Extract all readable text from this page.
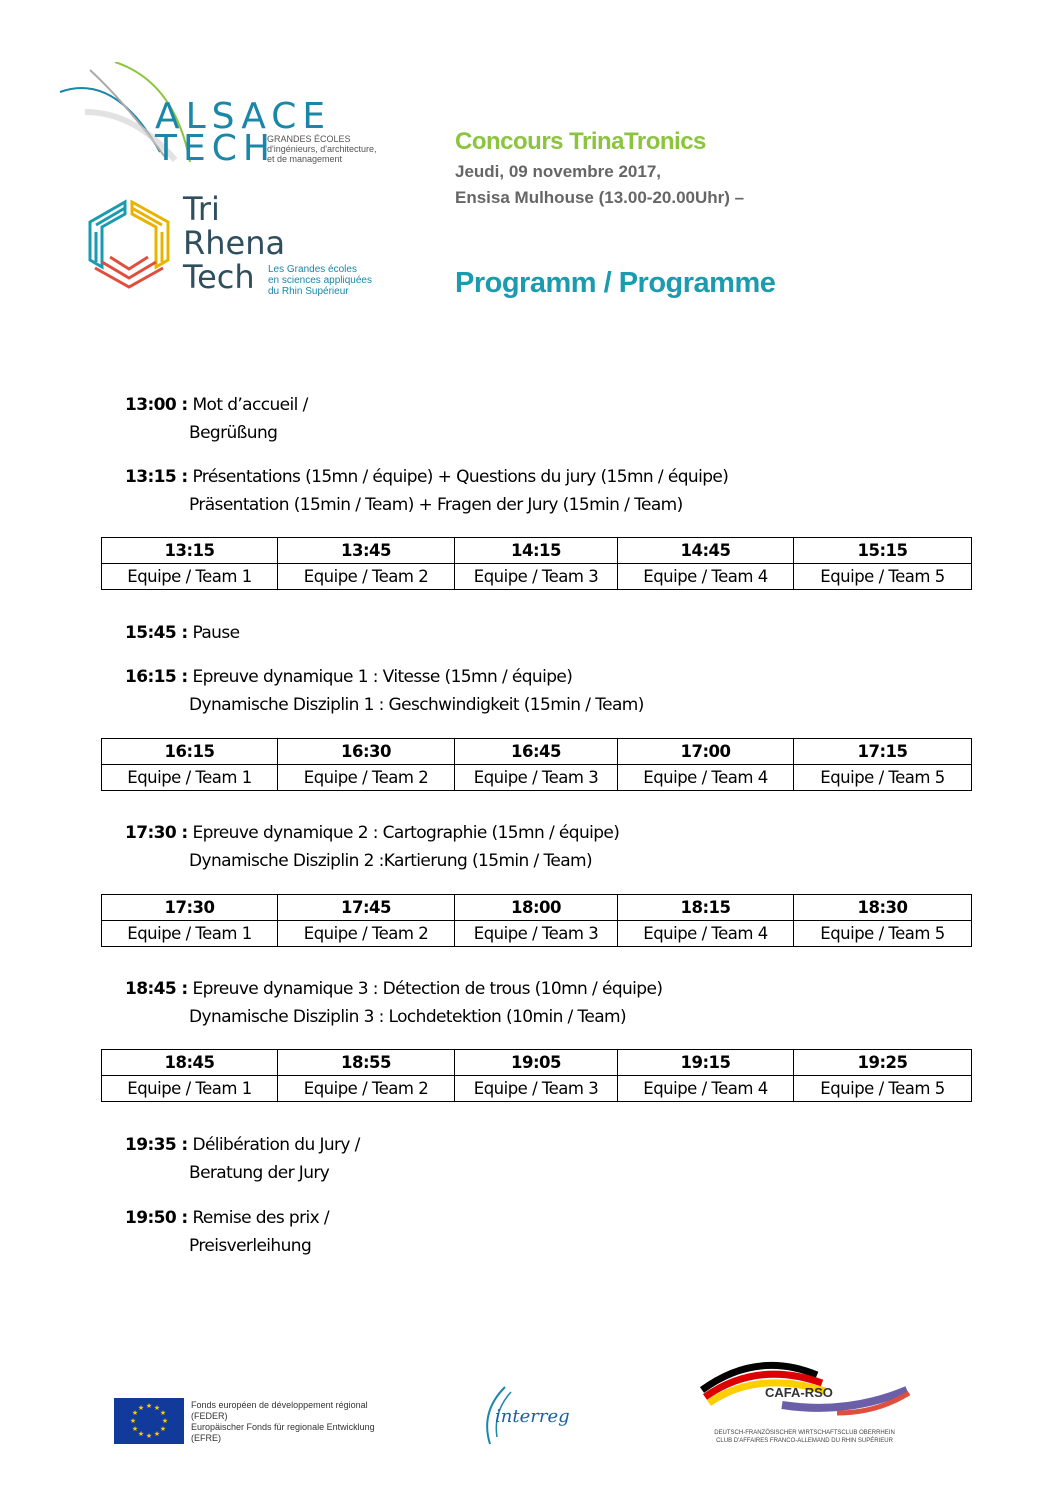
ALSACE
TECH
GRANDES ÉCOLES
d'ingénieurs, d'architecture,
et de management
Tri
Rhena
Tech	Les Grandes écoles
en sciences appliquées
du Rhin Supérieur
Concours TrinaTronics
Jeudi, 09 novembre 2017,
Ensisa Mulhouse (13.00-20.00Uhr) –
Programm / Programme
13:00 : Mot d’accueil /
Begrüßung
13:15 : Présentations (15mn / équipe) + Questions du jury (15mn / équipe)
Präsentation (15min / Team) + Fragen der Jury (15min / Team)
13:15	13:45	14:15	14:45	15:15
Equipe / Team 1	Equipe / Team 2	Equipe / Team 3	Equipe / Team 4	Equipe / Team 5
15:45 : Pause
16:15 : Epreuve dynamique 1 : Vitesse (15mn / équipe)
Dynamische Disziplin 1 : Geschwindigkeit (15min / Team)
16:15	16:30	16:45	17:00	17:15
Equipe / Team 1	Equipe / Team 2	Equipe / Team 3	Equipe / Team 4	Equipe / Team 5
17:30 : Epreuve dynamique 2 : Cartographie (15mn / équipe)
Dynamische Disziplin 2 :Kartierung (15min / Team)
17:30	17:45	18:00	18:15	18:30
Equipe / Team 1	Equipe / Team 2	Equipe / Team 3	Equipe / Team 4	Equipe / Team 5
18:45 : Epreuve dynamique 3 : Détection de trous (10mn / équipe)
Dynamische Disziplin 3 : Lochdetektion (10min / Team)
18:45	18:55	19:05	19:15	19:25
Equipe / Team 1	Equipe / Team 2	Equipe / Team 3	Equipe / Team 4	Equipe / Team 5
19:35 : Délibération du Jury /
Beratung der Jury
19:50 : Remise des prix /
Preisverleihung
★ ★
★
★
★
★
★
★
★
★
★
★	Fonds européen de développement régional
(FEDER)
Europäischer Fonds für regionale Entwicklung
(EFRE)
interreg
CAFA-RSO
DEUTSCH-FRANZÖSISCHER WIRTSCHAFTSCLUB OBERRHEIN
CLUB D'AFFAIRES FRANCO-ALLEMAND DU RHIN SUPÉRIEUR
